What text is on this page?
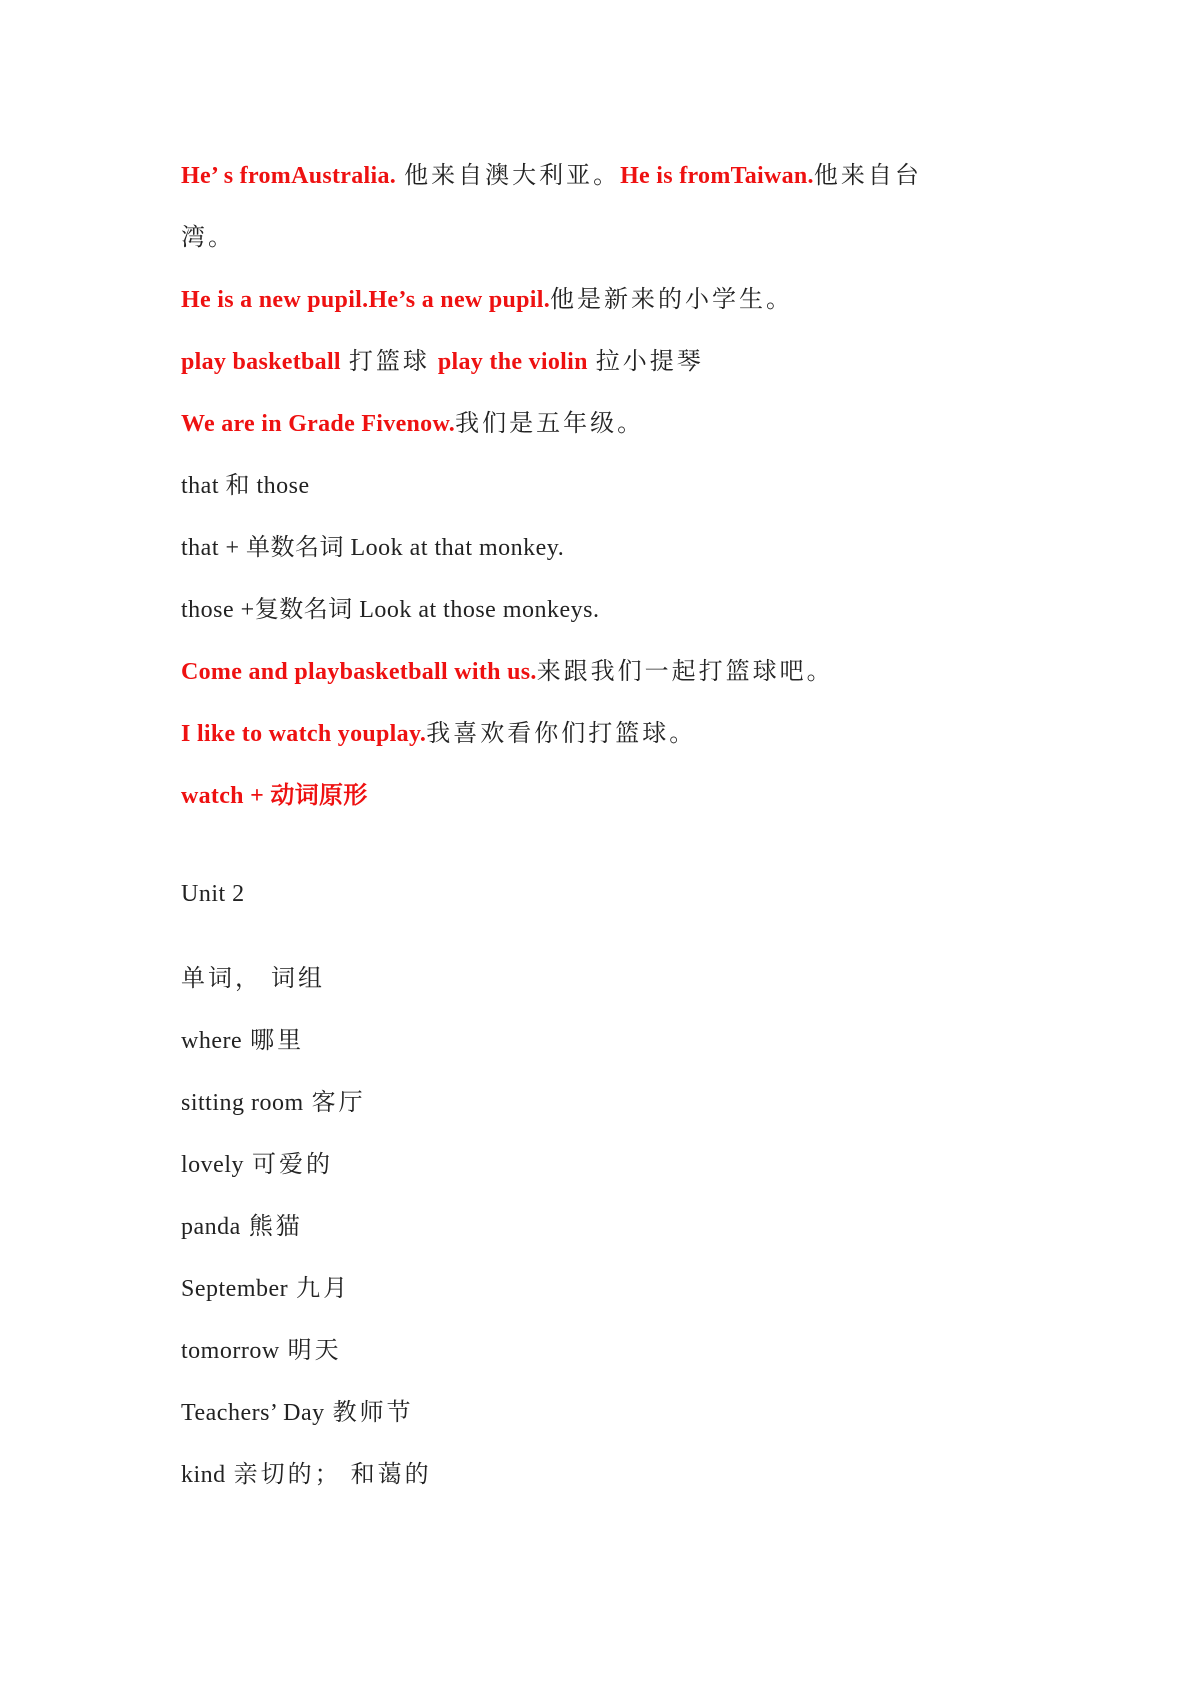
He’ s fromAustralia. 他来自澳大利亚。He is fromTaiwan.他来自台
湾。
He is a new pupil.He’s a new pupil.他是新来的小学生。
play basketball 打篮球 play the violin 拉小提琴
We are in Grade Fivenow.我们是五年级。
that 和 those
that + 单数名词 Look at that monkey.
those +复数名词 Look at those monkeys.
Come and playbasketball with us.来跟我们一起打篮球吧。
I like to watch youplay.我喜欢看你们打篮球。
watch + 动词原形
Unit 2
单词， 词组
where 哪里
sitting room 客厅
lovely 可爱的
panda 熊猫
September 九月
tomorrow 明天
Teachers’ Day 教师节
kind 亲切的； 和蔼的
